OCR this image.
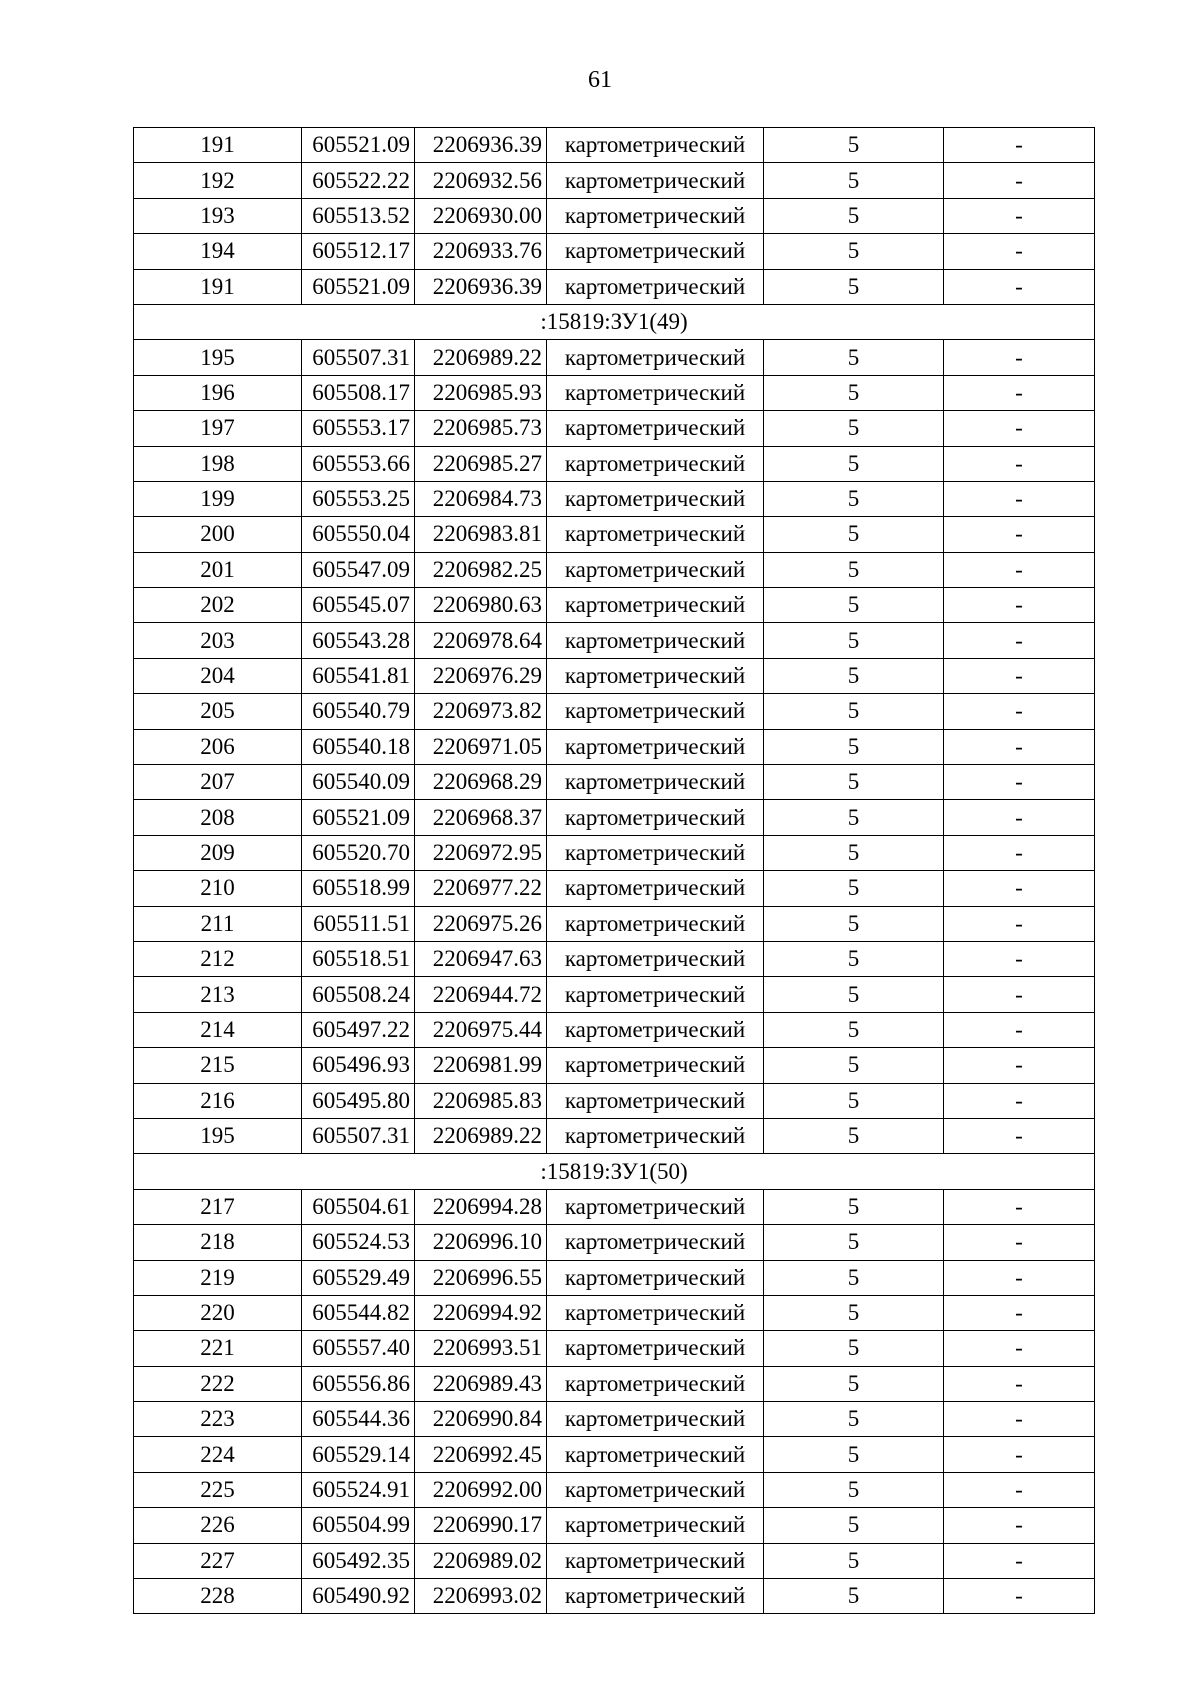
61
191	605521.09	2206936.39	картометрический	5	-
192	605522.22	2206932.56	картометрический	5	-
193	605513.52	2206930.00	картометрический	5	-
194	605512.17	2206933.76	картометрический	5	-
191	605521.09	2206936.39	картометрический	5	-
:15819:ЗУ1(49)					
195	605507.31	2206989.22	картометрический	5	-
196	605508.17	2206985.93	картометрический	5	-
197	605553.17	2206985.73	картометрический	5	-
198	605553.66	2206985.27	картометрический	5	-
199	605553.25	2206984.73	картометрический	5	-
200	605550.04	2206983.81	картометрический	5	-
201	605547.09	2206982.25	картометрический	5	-
202	605545.07	2206980.63	картометрический	5	-
203	605543.28	2206978.64	картометрический	5	-
204	605541.81	2206976.29	картометрический	5	-
205	605540.79	2206973.82	картометрический	5	-
206	605540.18	2206971.05	картометрический	5	-
207	605540.09	2206968.29	картометрический	5	-
208	605521.09	2206968.37	картометрический	5	-
209	605520.70	2206972.95	картометрический	5	-
210	605518.99	2206977.22	картометрический	5	-
211	605511.51	2206975.26	картометрический	5	-
212	605518.51	2206947.63	картометрический	5	-
213	605508.24	2206944.72	картометрический	5	-
214	605497.22	2206975.44	картометрический	5	-
215	605496.93	2206981.99	картометрический	5	-
216	605495.80	2206985.83	картометрический	5	-
195	605507.31	2206989.22	картометрический	5	-
:15819:ЗУ1(50)					
217	605504.61	2206994.28	картометрический	5	-
218	605524.53	2206996.10	картометрический	5	-
219	605529.49	2206996.55	картометрический	5	-
220	605544.82	2206994.92	картометрический	5	-
221	605557.40	2206993.51	картометрический	5	-
222	605556.86	2206989.43	картометрический	5	-
223	605544.36	2206990.84	картометрический	5	-
224	605529.14	2206992.45	картометрический	5	-
225	605524.91	2206992.00	картометрический	5	-
226	605504.99	2206990.17	картометрический	5	-
227	605492.35	2206989.02	картометрический	5	-
228	605490.92	2206993.02	картометрический	5	-
